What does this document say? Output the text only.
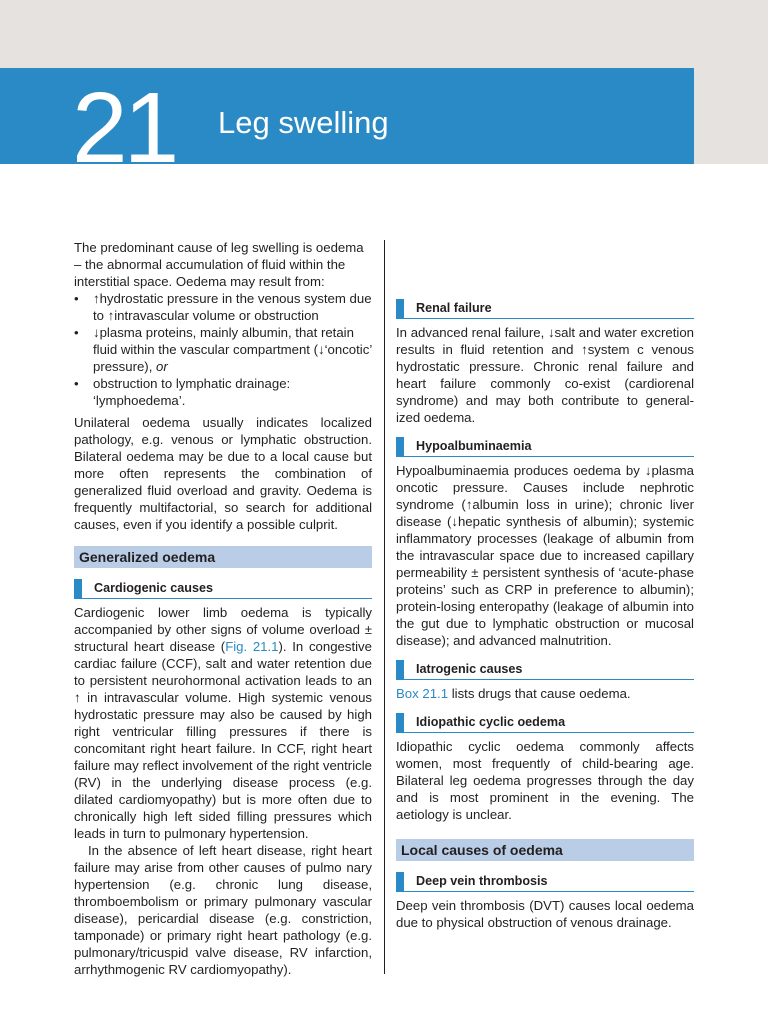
21 Leg swelling

The predominant cause of leg swelling is oedema – the abnormal accumulation of fluid within the interstitial space. Oedema may result from:

• ↑hydrostatic pressure in the venous system due to ↑intravascular volume or obstruction
• ↓plasma proteins, mainly albumin, that retain fluid within the vascular compartment (↓‘oncotic’ pressure), or
• obstruction to lymphatic drainage: ‘lymphoedema’.

Unilateral oedema usually indicates localized pathology, e.g. venous or lymphatic obstruction. Bilateral oedema may be due to a local cause but more often represents the combination of generalized fluid overload and gravity. Oedema is frequently multifactorial, so search for additional causes, even if you identify a possible culprit.

Generalized oedema
Cardiogenic causes

Cardiogenic lower limb oedema is typically accompanied by other signs of volume overload ± structural heart disease (Fig. 21.1). In congestive cardiac failure (CCF), salt and water retention due to persistent neurohormonal activation leads to an ↑ in intravascular volume. High systemic venous hydrostatic pressure may also be caused by high right ventricular filling pressures if there is concomitant right heart failure. In CCF, right heart failure may reflect involvement of the right ventricle (RV) in the underlying disease process (e.g. dilated cardiomyopathy) but is more often due to chronically high left sided filling pressures which leads in turn to pulmonary hypertension.

In the absence of left heart disease, right heart failure may arise from other causes of pulmo nary hypertension (e.g. chronic lung disease, thromboembolism or primary pulmonary vascular disease), pericardial disease (e.g. constriction, tamponade) or primary right heart pathology (e.g. pulmonary/tricuspid valve disease, RV infarction, arrhythmogenic RV cardiomyopathy).

Renal failure

In advanced renal failure, ↓salt and water excretion results in fluid retention and ↑system c venous hydrostatic pressure. Chronic renal failure and heart failure commonly co-exist (cardiorenal syndrome) and may both contribute to general-ized oedema.

Hypoalbuminaemia

Hypoalbuminaemia produces oedema by ↓plasma oncotic pressure. Causes include nephrotic syndrome (↑albumin loss in urine); chronic liver disease (↓hepatic synthesis of albumin); systemic inflammatory processes (leakage of albumin from the intravascular space due to increased capillary permeability ± persistent synthesis of ‘acute-phase proteins’ such as CRP in preference to albumin); protein-losing enteropathy (leakage of albumin into the gut due to lymphatic obstruction or mucosal disease); and advanced malnutrition.

Iatrogenic causes

Box 21.1 lists drugs that cause oedema.

Idiopathic cyclic oedema

Idiopathic cyclic oedema commonly affects women, most frequently of child-bearing age. Bilateral leg oedema progresses through the day and is most prominent in the evening. The aetiology is unclear.

Local causes of oedema
Deep vein thrombosis

Deep vein thrombosis (DVT) causes local oedema due to physical obstruction of venous drainage.
